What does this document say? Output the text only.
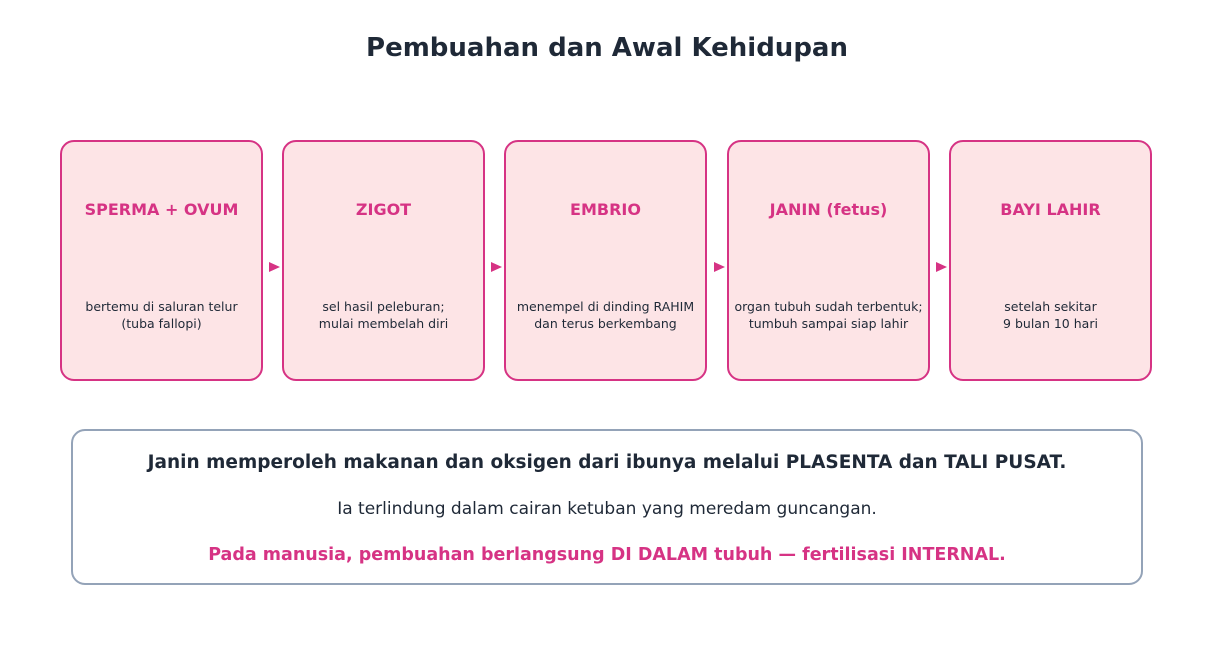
Pembuahan dan Awal Kehidupan
SPERMA + OVUM
bertemu di saluran telur
(tuba fallopi)
ZIGOT
sel hasil peleburan;
mulai membelah diri
EMBRIO
menempel di dinding RAHIM
dan terus berkembang
JANIN (fetus)
organ tubuh sudah terbentuk;
tumbuh sampai siap lahir
BAYI LAHIR
setelah sekitar
9 bulan 10 hari
Janin memperoleh makanan dan oksigen dari ibunya melalui PLASENTA dan TALI PUSAT.
Ia terlindung dalam cairan ketuban yang meredam guncangan.
Pada manusia, pembuahan berlangsung DI DALAM tubuh — fertilisasi INTERNAL.
